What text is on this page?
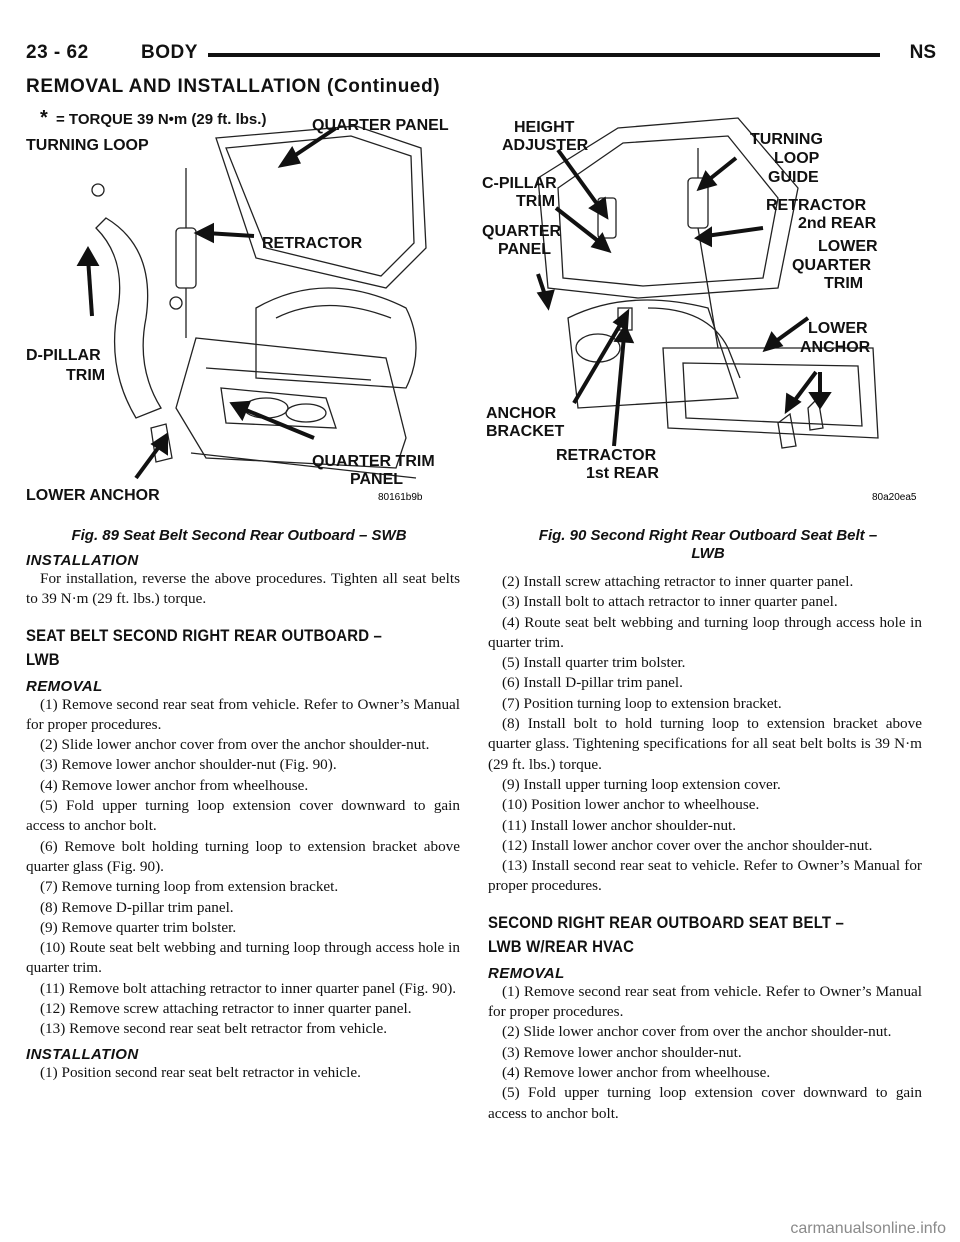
23 - 62	BODY	NS
REMOVAL AND INSTALLATION (Continued)
= TORQUE 39 N•m (29 ft. lbs.)
*
TURNING LOOP
QUARTER PANEL
RETRACTOR
D-PILLAR
TRIM
QUARTER TRIM
PANEL
LOWER ANCHOR	80161b9b
Fig. 89 Seat Belt Second Rear Outboard – SWB
HEIGHT
ADJUSTER	TURNING
LOOP
GUIDE
C-PILLAR
TRIM	RETRACTOR
2nd REAR
QUARTER
PANEL	LOWER
QUARTER
TRIM
LOWER
ANCHOR
ANCHOR
BRACKET
RETRACTOR
1st REAR
80a20ea5
Fig. 90 Second Right Rear Outboard Seat Belt –
LWB
INSTALLATION

For installation, reverse the above procedures. Tighten all seat belts to 39 N·m (29 ft. lbs.) torque.

SEAT BELT SECOND RIGHT REAR OUTBOARD –
LWB
REMOVAL

(1) Remove second rear seat from vehicle. Refer to Owner’s Manual for proper procedures.

(2) Slide lower anchor cover from over the anchor shoulder-nut.

(3) Remove lower anchor shoulder-nut (Fig. 90).

(4) Remove lower anchor from wheelhouse.

(5) Fold upper turning loop extension cover downward to gain access to anchor bolt.

(6) Remove bolt holding turning loop to extension bracket above quarter glass (Fig. 90).

(7) Remove turning loop from extension bracket.

(8) Remove D-pillar trim panel.

(9) Remove quarter trim bolster.

(10) Route seat belt webbing and turning loop through access hole in quarter trim.

(11) Remove bolt attaching retractor to inner quarter panel (Fig. 90).

(12) Remove screw attaching retractor to inner quarter panel.

(13) Remove second rear seat belt retractor from vehicle.

INSTALLATION

(1) Position second rear seat belt retractor in vehicle.

(2) Install screw attaching retractor to inner quarter panel.

(3) Install bolt to attach retractor to inner quarter panel.

(4) Route seat belt webbing and turning loop through access hole in quarter trim.

(5) Install quarter trim bolster.

(6) Install D-pillar trim panel.

(7) Position turning loop to extension bracket.

(8) Install bolt to hold turning loop to extension bracket above quarter glass. Tightening specifications for all seat belt bolts is 39 N·m (29 ft. lbs.) torque.

(9) Install upper turning loop extension cover.

(10) Position lower anchor to wheelhouse.

(11) Install lower anchor shoulder-nut.

(12) Install lower anchor cover over the anchor shoulder-nut.

(13) Install second rear seat to vehicle. Refer to Owner’s Manual for proper procedures.

SECOND RIGHT REAR OUTBOARD SEAT BELT –
LWB W/REAR HVAC
REMOVAL

(1) Remove second rear seat from vehicle. Refer to Owner’s Manual for proper procedures.

(2) Slide lower anchor cover from over the anchor shoulder-nut.

(3) Remove lower anchor shoulder-nut.

(4) Remove lower anchor from wheelhouse.

(5) Fold upper turning loop extension cover downward to gain access to anchor bolt.

carmanualsonline.info
